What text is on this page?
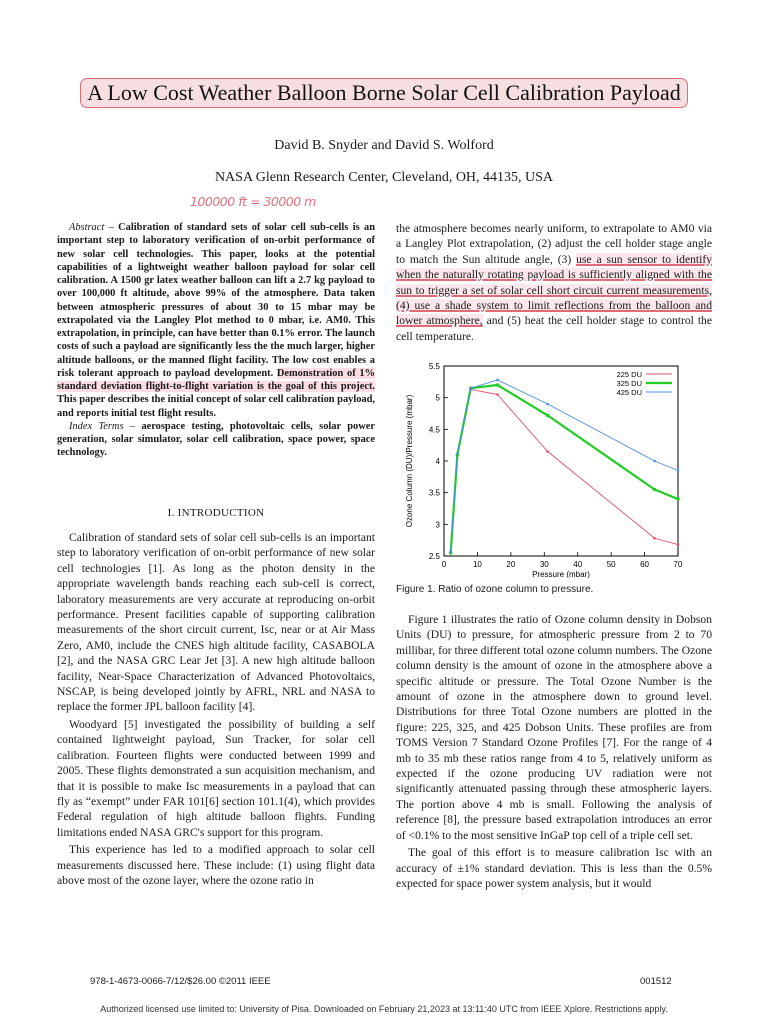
A Low Cost Weather Balloon Borne Solar Cell Calibration Payload
David B. Snyder and David S. Wolford
NASA Glenn Research Center, Cleveland, OH, 44135, USA
100000 ft = 30000 m

Abstract – Calibration of standard sets of solar cell sub-cells is an important step to laboratory verification of on-orbit performance of new solar cell technologies. This paper, looks at the potential capabilities of a lightweight weather balloon payload for solar cell calibration. A 1500 gr latex weather balloon can lift a 2.7 kg payload to over 100,000 ft altitude, above 99% of the atmosphere. Data taken between atmospheric pressures of about 30 to 15 mbar may be extrapolated via the Langley Plot method to 0 mbar, i.e. AM0. This extrapolation, in principle, can have better than 0.1% error. The launch costs of such a payload are significantly less the the much larger, higher altitude balloons, or the manned flight facility. The low cost enables a risk tolerant approach to payload development. Demonstration of 1% standard deviation flight-to-flight variation is the goal of this project. This paper describes the initial concept of solar cell calibration payload, and reports initial test flight results.

Index Terms – aerospace testing, photovoltaic cells, solar power generation, solar simulator, solar cell calibration, space power, space technology.

I. INTRODUCTION

Calibration of standard sets of solar cell sub-cells is an important step to laboratory verification of on-orbit performance of new solar cell technologies [1]. As long as the photon density in the appropriate wavelength bands reaching each sub-cell is correct, laboratory measurements are very accurate at reproducing on-orbit performance. Present facilities capable of supporting calibration measurements of the short circuit current, Isc, near or at Air Mass Zero, AM0, include the CNES high altitude facility, CASABOLA [2], and the NASA GRC Lear Jet [3]. A new high altitude balloon facility, Near-Space Characterization of Advanced Photovoltaics, NSCAP, is being developed jointly by AFRL, NRL and NASA to replace the former JPL balloon facility [4].

Woodyard [5] investigated the possibility of building a self contained lightweight payload, Sun Tracker, for solar cell calibration. Fourteen flights were conducted between 1999 and 2005. These flights demonstrated a sun acquisition mechanism, and that it is possible to make Isc measurements in a payload that can fly as “exempt” under FAR 101[6] section 101.1(4), which provides Federal regulation of high altitude balloon flights. Funding limitations ended NASA GRC's support for this program.

This experience has led to a modified approach to solar cell measurements discussed here. These include: (1) using flight data above most of the ozone layer, where the ozone ratio in

the atmosphere becomes nearly uniform, to extrapolate to AM0 via a Langley Plot extrapolation, (2) adjust the cell holder stage angle to match the Sun altitude angle, (3) use a sun sensor to identify when the naturally rotating payload is sufficiently aligned with the sun to trigger a set of solar cell short circuit current measurements, (4) use a shade system to limit reflections from the balloon and lower atmosphere, and (5) heat the cell holder stage to control the cell temperature.
0	10	20	30	40	50	60	70
2.5
3
3.5
4
4.5
5
5.5
Pressure (mbar)
Ozone Column (DU)/Pressure (mbar)
225 DU
325 DU
425 DU
Figure 1. Ratio of ozone column to pressure.

Figure 1 illustrates the ratio of Ozone column density in Dobson Units (DU) to pressure, for atmospheric pressure from 2 to 70 millibar, for three different total ozone column numbers. The Ozone column density is the amount of ozone in the atmosphere above a specific altitude or pressure. The Total Ozone Number is the amount of ozone in the atmosphere down to ground level. Distributions for three Total Ozone numbers are plotted in the figure: 225, 325, and 425 Dobson Units. These profiles are from TOMS Version 7 Standard Ozone Profiles [7]. For the range of 4 mb to 35 mb these ratios range from 4 to 5, relatively uniform as expected if the ozone producing UV radiation were not significantly attenuated passing through these atmospheric layers. The portion above 4 mb is small. Following the analysis of reference [8], the pressure based extrapolation introduces an error of <0.1% to the most sensitive InGaP top cell of a triple cell set.

The goal of this effort is to measure calibration Isc with an accuracy of ±1% standard deviation. This is less than the 0.5% expected for space power system analysis, but it would

978-1-4673-0066-7/12/$26.00 ©2011 IEEE	001512
Authorized licensed use limited to: University of Pisa. Downloaded on February 21,2023 at 13:11:40 UTC from IEEE Xplore. Restrictions apply.
